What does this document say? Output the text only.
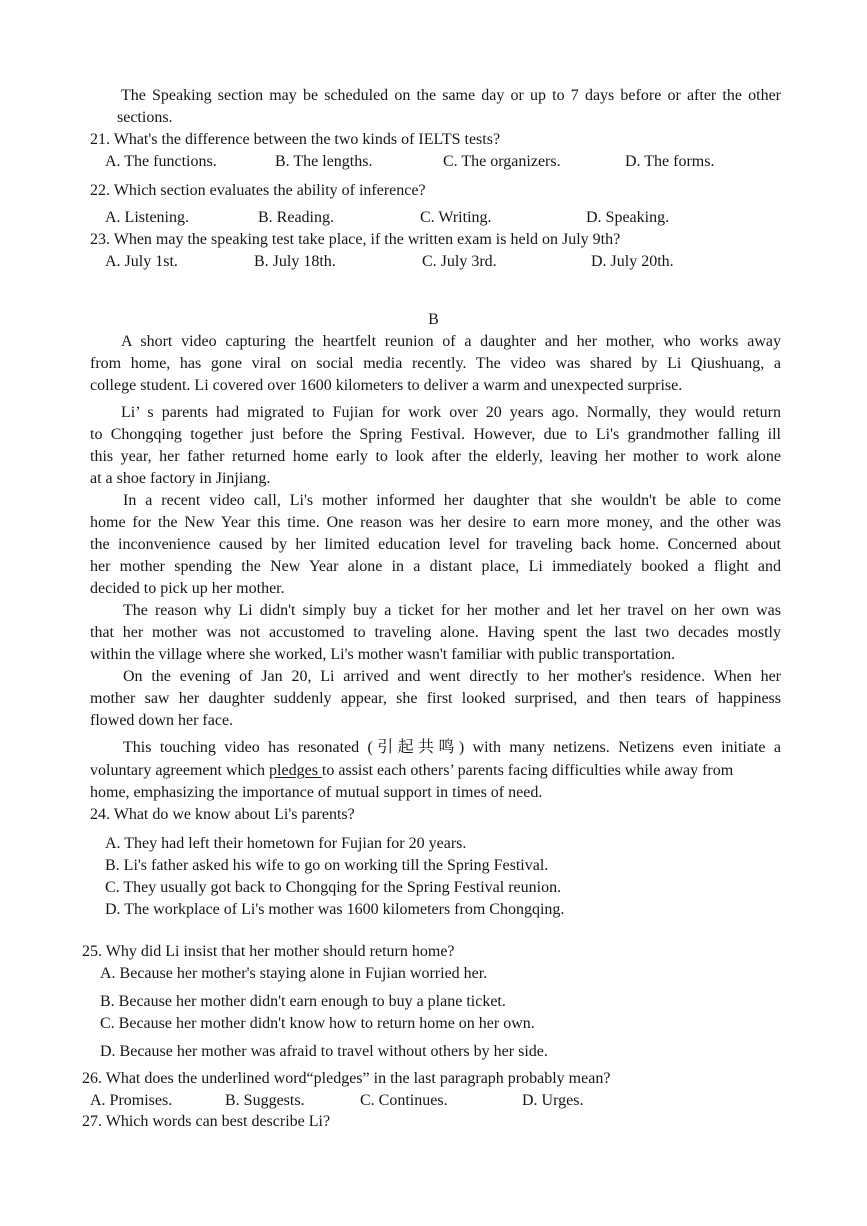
The Speaking section may be scheduled on the same day or up to 7 days before or after the other
sections.
21. What's the difference between the two kinds of IELTS tests?
A. The functions.	B. The lengths.	C. The organizers.	D. The forms.
22. Which section evaluates the ability of inference?
A. Listening.	B. Reading.	C. Writing.	D. Speaking.
23. When may the speaking test take place, if the written exam is held on July 9th?
A. July 1st.	B. July 18th.	C. July 3rd.	D. July 20th.
B
A short video capturing the heartfelt reunion of a daughter and her mother, who works away
from home, has gone viral on social media recently. The video was shared by Li Qiushuang, a
college student. Li covered over 1600 kilometers to deliver a warm and unexpected surprise.
Li’ s parents had migrated to Fujian for work over 20 years ago. Normally, they would return
to Chongqing together just before the Spring Festival. However, due to Li's grandmother falling ill
this year, her father returned home early to look after the elderly, leaving her mother to work alone
at a shoe factory in Jinjiang.
In a recent video call, Li's mother informed her daughter that she wouldn't be able to come
home for the New Year this time. One reason was her desire to earn more money, and the other was
the inconvenience caused by her limited education level for traveling back home. Concerned about
her mother spending the New Year alone in a distant place, Li immediately booked a flight and
decided to pick up her mother.
The reason why Li didn't simply buy a ticket for her mother and let her travel on her own was
that her mother was not accustomed to traveling alone. Having spent the last two decades mostly
within the village where she worked, Li's mother wasn't familiar with public transportation.
On the evening of Jan 20, Li arrived and went directly to her mother's residence. When her
mother saw her daughter suddenly appear, she first looked surprised, and then tears of happiness
flowed down her face.
This touching video has resonated (引起共鸣) with many netizens. Netizens even initiate a
voluntary agreement which pledges to assist each others’ parents facing difficulties while away from
home, emphasizing the importance of mutual support in times of need.
24. What do we know about Li's parents?
A. They had left their hometown for Fujian for 20 years.
B. Li's father asked his wife to go on working till the Spring Festival.
C. They usually got back to Chongqing for the Spring Festival reunion.
D. The workplace of Li's mother was 1600 kilometers from Chongqing.
25. Why did Li insist that her mother should return home?
A. Because her mother's staying alone in Fujian worried her.
B. Because her mother didn't earn enough to buy a plane ticket.
C. Because her mother didn't know how to return home on her own.
D. Because her mother was afraid to travel without others by her side.
26. What does the underlined word“pledges” in the last paragraph probably mean?
A. Promises.	B. Suggests.	C. Continues.	D. Urges.
27. Which words can best describe Li?
